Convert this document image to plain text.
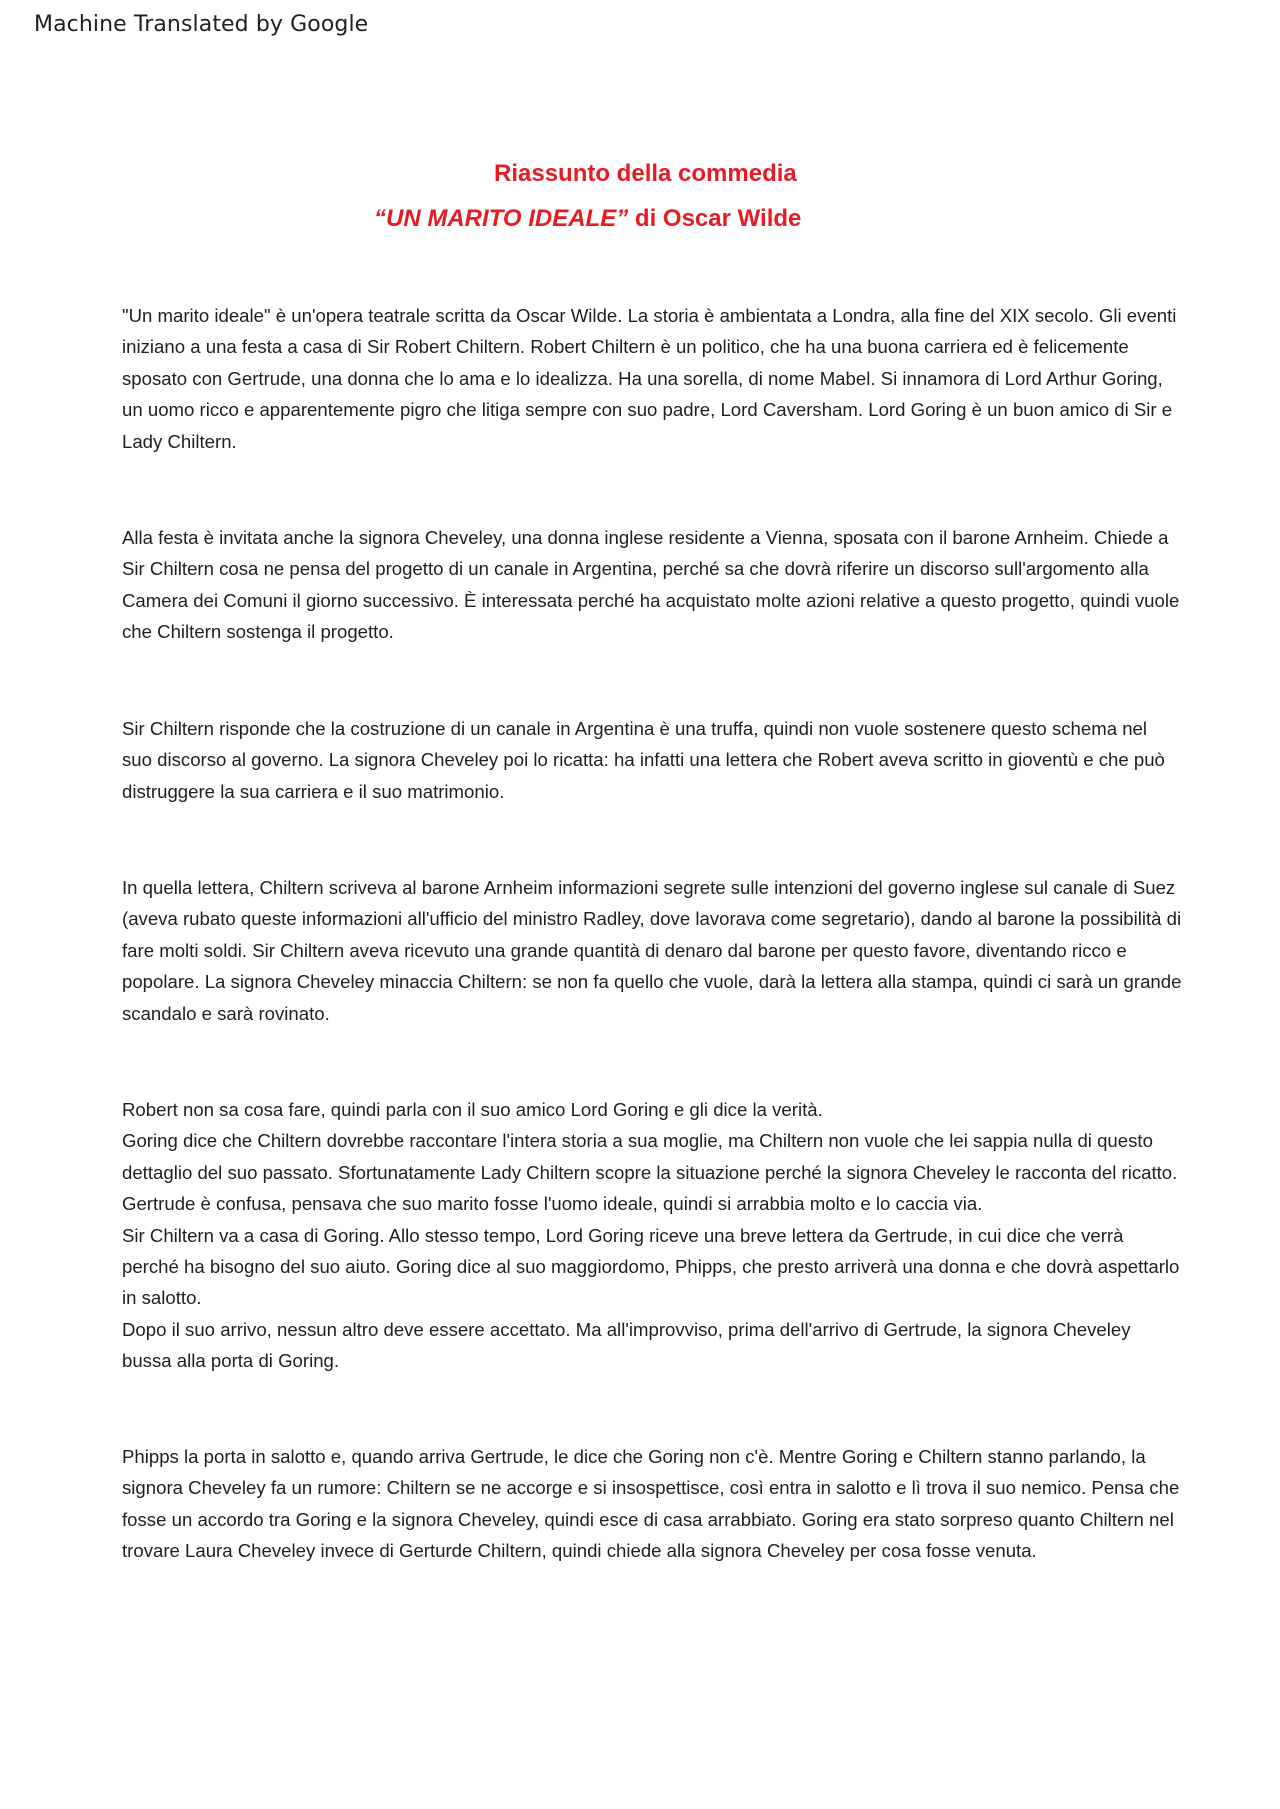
Machine Translated by Google
Riassunto della commedia
“UN MARITO IDEALE” di Oscar Wilde

"Un marito ideale" è un'opera teatrale scritta da Oscar Wilde. La storia è ambientata a Londra, alla fine del XIX secolo. Gli eventi iniziano a una festa a casa di Sir Robert Chiltern. Robert Chiltern è un politico, che ha una buona carriera ed è felicemente sposato con Gertrude, una donna che lo ama e lo idealizza. Ha una sorella, di nome Mabel. Si innamora di Lord Arthur Goring, un uomo ricco e apparentemente pigro che litiga sempre con suo padre, Lord Caversham. Lord Goring è un buon amico di Sir e Lady Chiltern.

Alla festa è invitata anche la signora Cheveley, una donna inglese residente a Vienna, sposata con il barone Arnheim. Chiede a Sir Chiltern cosa ne pensa del progetto di un canale in Argentina, perché sa che dovrà riferire un discorso sull'argomento alla Camera dei Comuni il giorno successivo. È interessata perché ha acquistato molte azioni relative a questo progetto, quindi vuole che Chiltern sostenga il progetto.

Sir Chiltern risponde che la costruzione di un canale in Argentina è una truffa, quindi non vuole sostenere questo schema nel suo discorso al governo. La signora Cheveley poi lo ricatta: ha infatti una lettera che Robert aveva scritto in gioventù e che può distruggere la sua carriera e il suo matrimonio.

In quella lettera, Chiltern scriveva al barone Arnheim informazioni segrete sulle intenzioni del governo inglese sul canale di Suez (aveva rubato queste informazioni all'ufficio del ministro Radley, dove lavorava come segretario), dando al barone la possibilità di fare molti soldi. Sir Chiltern aveva ricevuto una grande quantità di denaro dal barone per questo favore, diventando ricco e popolare. La signora Cheveley minaccia Chiltern: se non fa quello che vuole, darà la lettera alla stampa, quindi ci sarà un grande scandalo e sarà rovinato.

Robert non sa cosa fare, quindi parla con il suo amico Lord Goring e gli dice la verità.

Goring dice che Chiltern dovrebbe raccontare l'intera storia a sua moglie, ma Chiltern non vuole che lei sappia nulla di questo dettaglio del suo passato. Sfortunatamente Lady Chiltern scopre la situazione perché la signora Cheveley le racconta del ricatto. Gertrude è confusa, pensava che suo marito fosse l'uomo ideale, quindi si arrabbia molto e lo caccia via.

Sir Chiltern va a casa di Goring. Allo stesso tempo, Lord Goring riceve una breve lettera da Gertrude, in cui dice che verrà perché ha bisogno del suo aiuto. Goring dice al suo maggiordomo, Phipps, che presto arriverà una donna e che dovrà aspettarlo in salotto.

Dopo il suo arrivo, nessun altro deve essere accettato. Ma all'improvviso, prima dell'arrivo di Gertrude, la signora Cheveley bussa alla porta di Goring.

Phipps la porta in salotto e, quando arriva Gertrude, le dice che Goring non c'è. Mentre Goring e Chiltern stanno parlando, la signora Cheveley fa un rumore: Chiltern se ne accorge e si insospettisce, così entra in salotto e lì trova il suo nemico. Pensa che fosse un accordo tra Goring e la signora Cheveley, quindi esce di casa arrabbiato. Goring era stato sorpreso quanto Chiltern nel trovare Laura Cheveley invece di Gerturde Chiltern, quindi chiede alla signora Cheveley per cosa fosse venuta.
